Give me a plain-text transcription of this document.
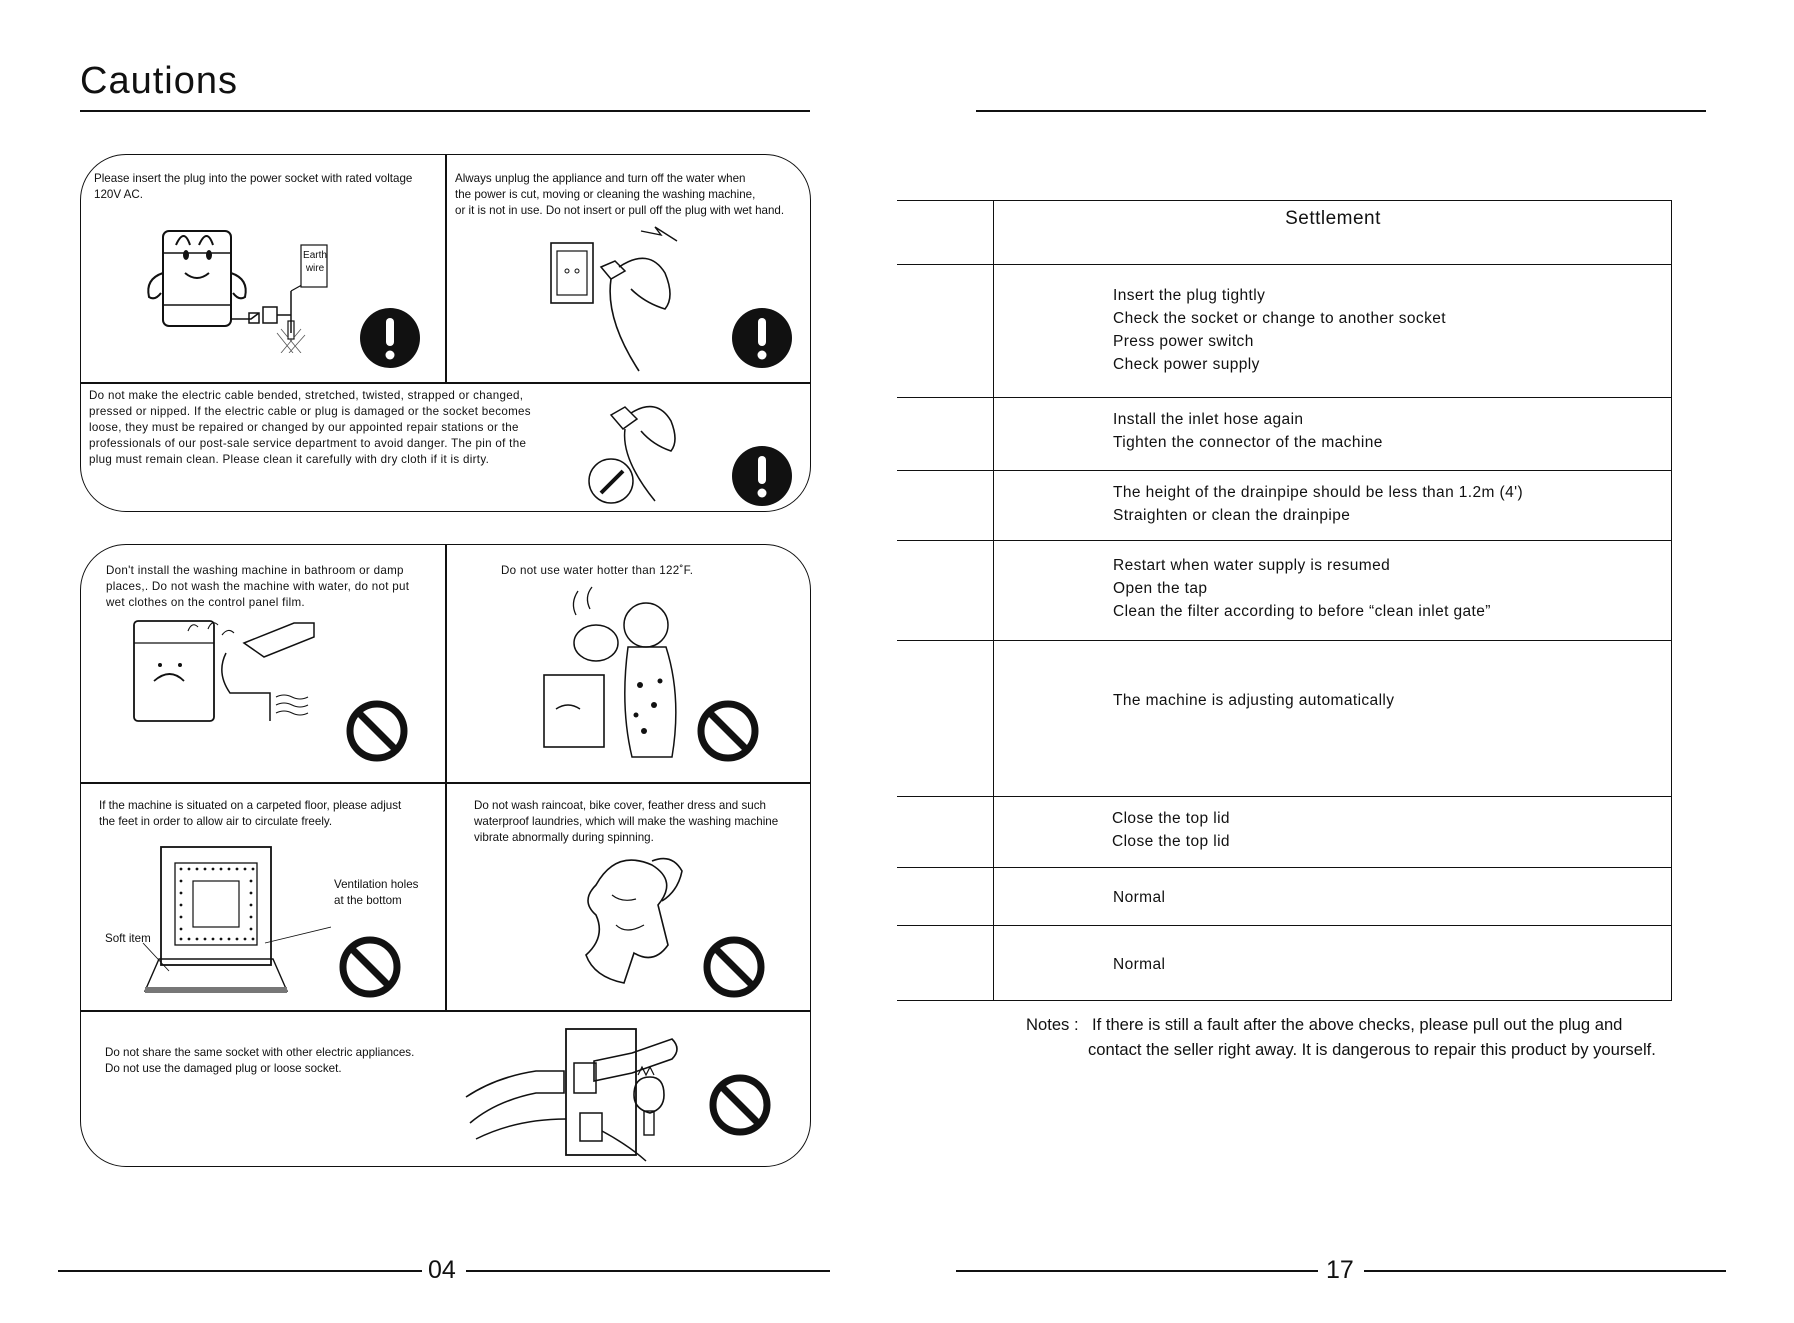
Cautions
Please insert the plug into the power socket with rated voltage
120V AC.
Always unplug the appliance and turn off the water when
the power is cut, moving or cleaning the washing machine,
or it is not in use. Do not insert or pull off the plug with wet hand.
Do not make the electric cable bended, stretched, twisted, strapped or changed,
pressed or nipped. If the electric cable or plug is damaged or the socket becomes
loose, they must be repaired or changed by our appointed repair stations or the
professionals of our post-sale service department to avoid danger. The pin of the
plug must remain clean. Please clean it carefully with dry cloth if it is dirty.
Earth
wire
Don't install the washing machine in bathroom or damp
places,. Do not wash the machine with water, do not put
wet clothes on the control panel film.
Do not use water hotter than 122˚F.
If the machine is situated on a carpeted floor, please adjust
the feet in order to allow air to circulate freely.
Do not wash raincoat, bike cover, feather dress and such
waterproof laundries, which will make the washing machine
vibrate abnormally during spinning.
Do not share the same socket with other electric appliances.
Do not use the damaged plug or loose socket.
Ventilation holes
at the bottom
Soft item
04
Settlement
Insert the plug tightly
Check the socket or change to another socket
Press power switch
Check power supply
Install the inlet hose again
Tighten the connector of the machine
The height of the drainpipe should be less than 1.2m (4')
Straighten or clean the drainpipe
Restart when water supply is resumed
Open the tap
Clean the filter according to before “clean inlet gate”
The machine is adjusting automatically
Close the top lid
Close the top lid
Normal
Normal
Notes : If there is still a fault after the above checks, please pull out the plug and
contact the seller right away. It is dangerous to repair this product by yourself.
17
